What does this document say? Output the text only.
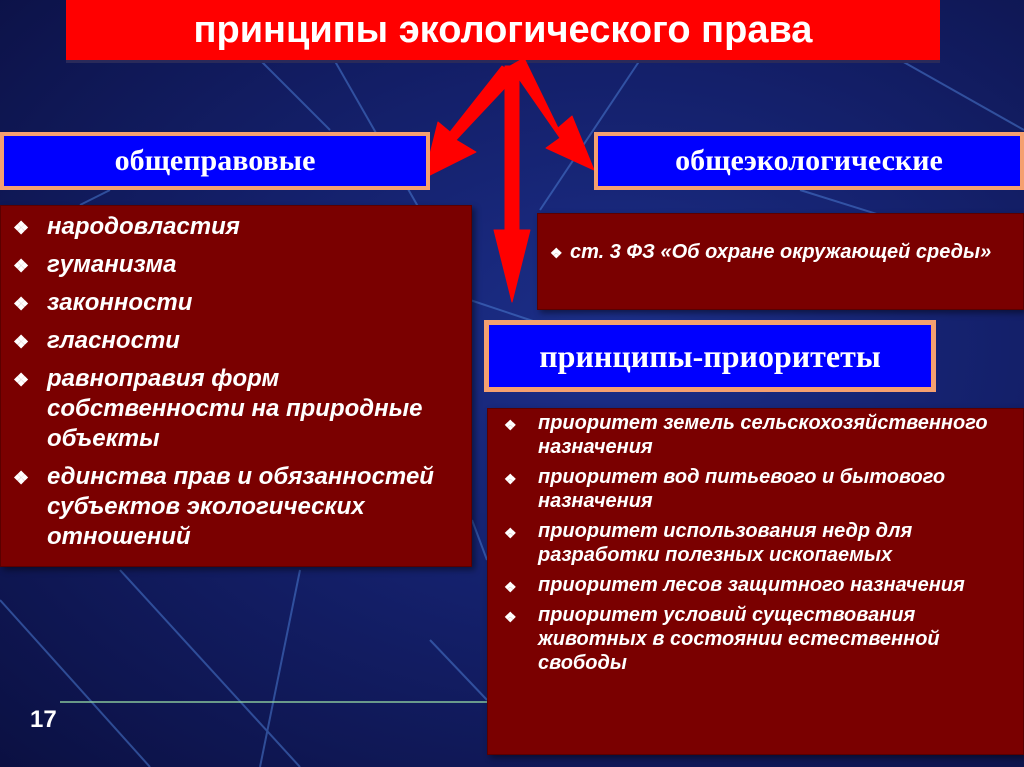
принципы экологического права
общеправовые	общеэкологические
❖ народовластия
❖ гуманизма
❖ законности
❖ гласности
❖ равноправия форм собственности на природные объекты
❖ единства прав и обязанностей субъектов экологических отношений
❖ ст. 3 ФЗ «Об охране окружающей среды»
принципы-приоритеты
❖ приоритет земель сельскохозяйственного назначения
❖ приоритет вод питьевого и бытового назначения
❖ приоритет использования недр для разработки полезных ископаемых
❖ приоритет лесов защитного назначения
❖ приоритет условий существования животных в состоянии естественной свободы
17
